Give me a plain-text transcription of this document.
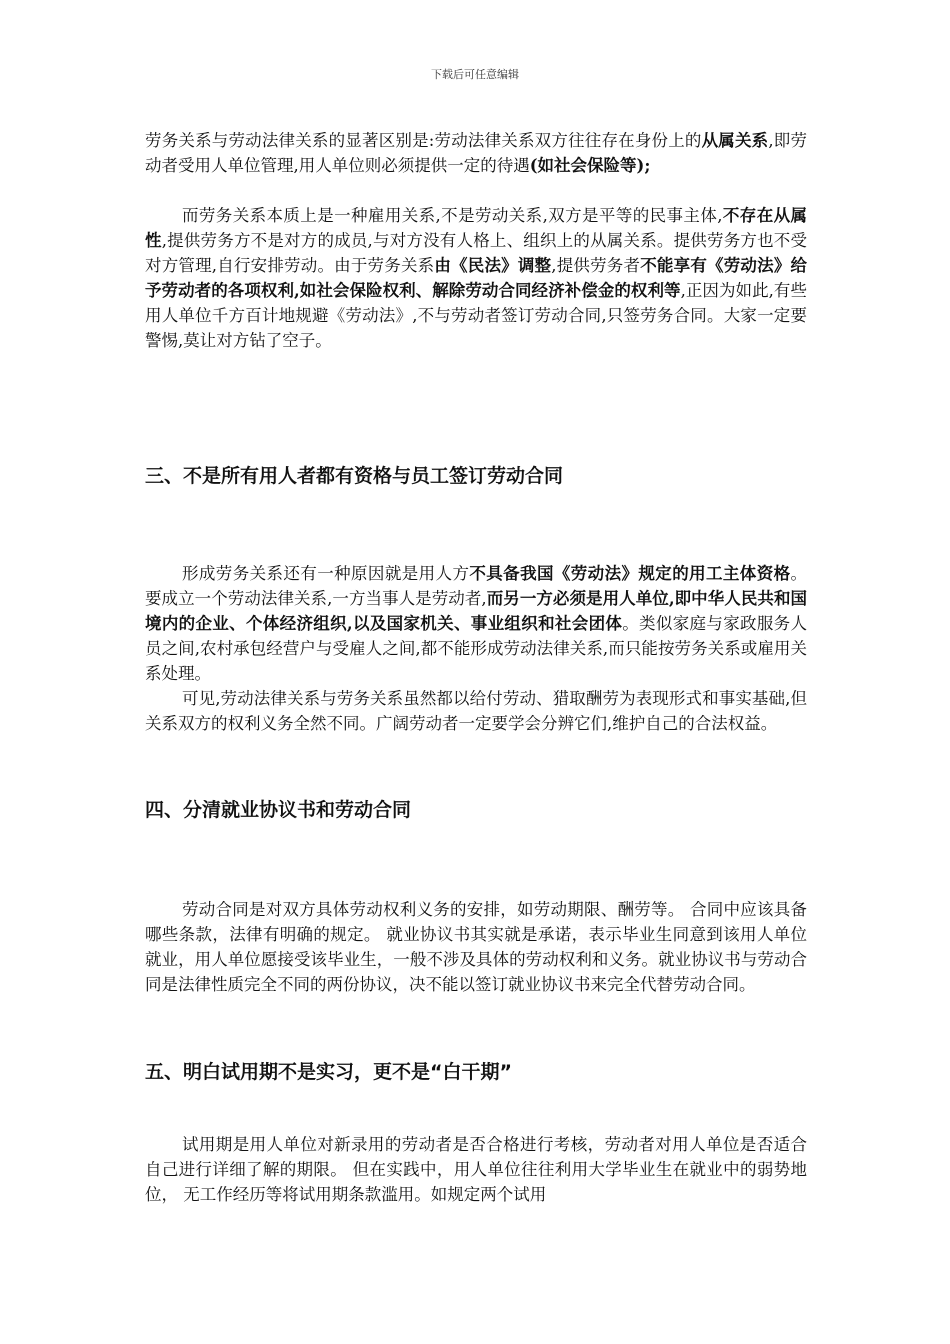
下载后可任意编辑

劳务关系与劳动法律关系的显著区别是:劳动法律关系双方往往存在身份上的从属关系,即劳动者受用人单位管理,用人单位则必须提供一定的待遇(如社会保险等);

而劳务关系本质上是一种雇用关系,不是劳动关系,双方是平等的民事主体,不存在从属性,提供劳务方不是对方的成员,与对方没有人格上、组织上的从属关系。提供劳务方也不受对方管理,自行安排劳动。由于劳务关系由《民法》调整,提供劳务者不能享有《劳动法》给予劳动者的各项权利,如社会保险权利、解除劳动合同经济补偿金的权利等,正因为如此,有些用人单位千方百计地规避《劳动法》,不与劳动者签订劳动合同,只签劳务合同。大家一定要警惕,莫让对方钻了空子。

三、不是所有用人者都有资格与员工签订劳动合同

形成劳务关系还有一种原因就是用人方不具备我国《劳动法》规定的用工主体资格。要成立一个劳动法律关系,一方当事人是劳动者,而另一方必须是用人单位,即中华人民共和国境内的企业、个体经济组织,以及国家机关、事业组织和社会团体。类似家庭与家政服务人员之间,农村承包经营户与受雇人之间,都不能形成劳动法律关系,而只能按劳务关系或雇用关系处理。

可见,劳动法律关系与劳务关系虽然都以给付劳动、猎取酬劳为表现形式和事实基础,但关系双方的权利义务全然不同。广阔劳动者一定要学会分辨它们,维护自己的合法权益。

四、分清就业协议书和劳动合同

劳动合同是对双方具体劳动权利义务的安排，如劳动期限、酬劳等。 合同中应该具备哪些条款，法律有明确的规定。 就业协议书其实就是承诺，表示毕业生同意到该用人单位就业，用人单位愿接受该毕业生，一般不涉及具体的劳动权利和义务。就业协议书与劳动合同是法律性质完全不同的两份协议，决不能以签订就业协议书来完全代替劳动合同。

五、明白试用期不是实习，更不是“白干期”

试用期是用人单位对新录用的劳动者是否合格进行考核，劳动者对用人单位是否适合自己进行详细了解的期限。 但在实践中，用人单位往往利用大学毕业生在就业中的弱势地位， 无工作经历等将试用期条款滥用。如规定两个试用
